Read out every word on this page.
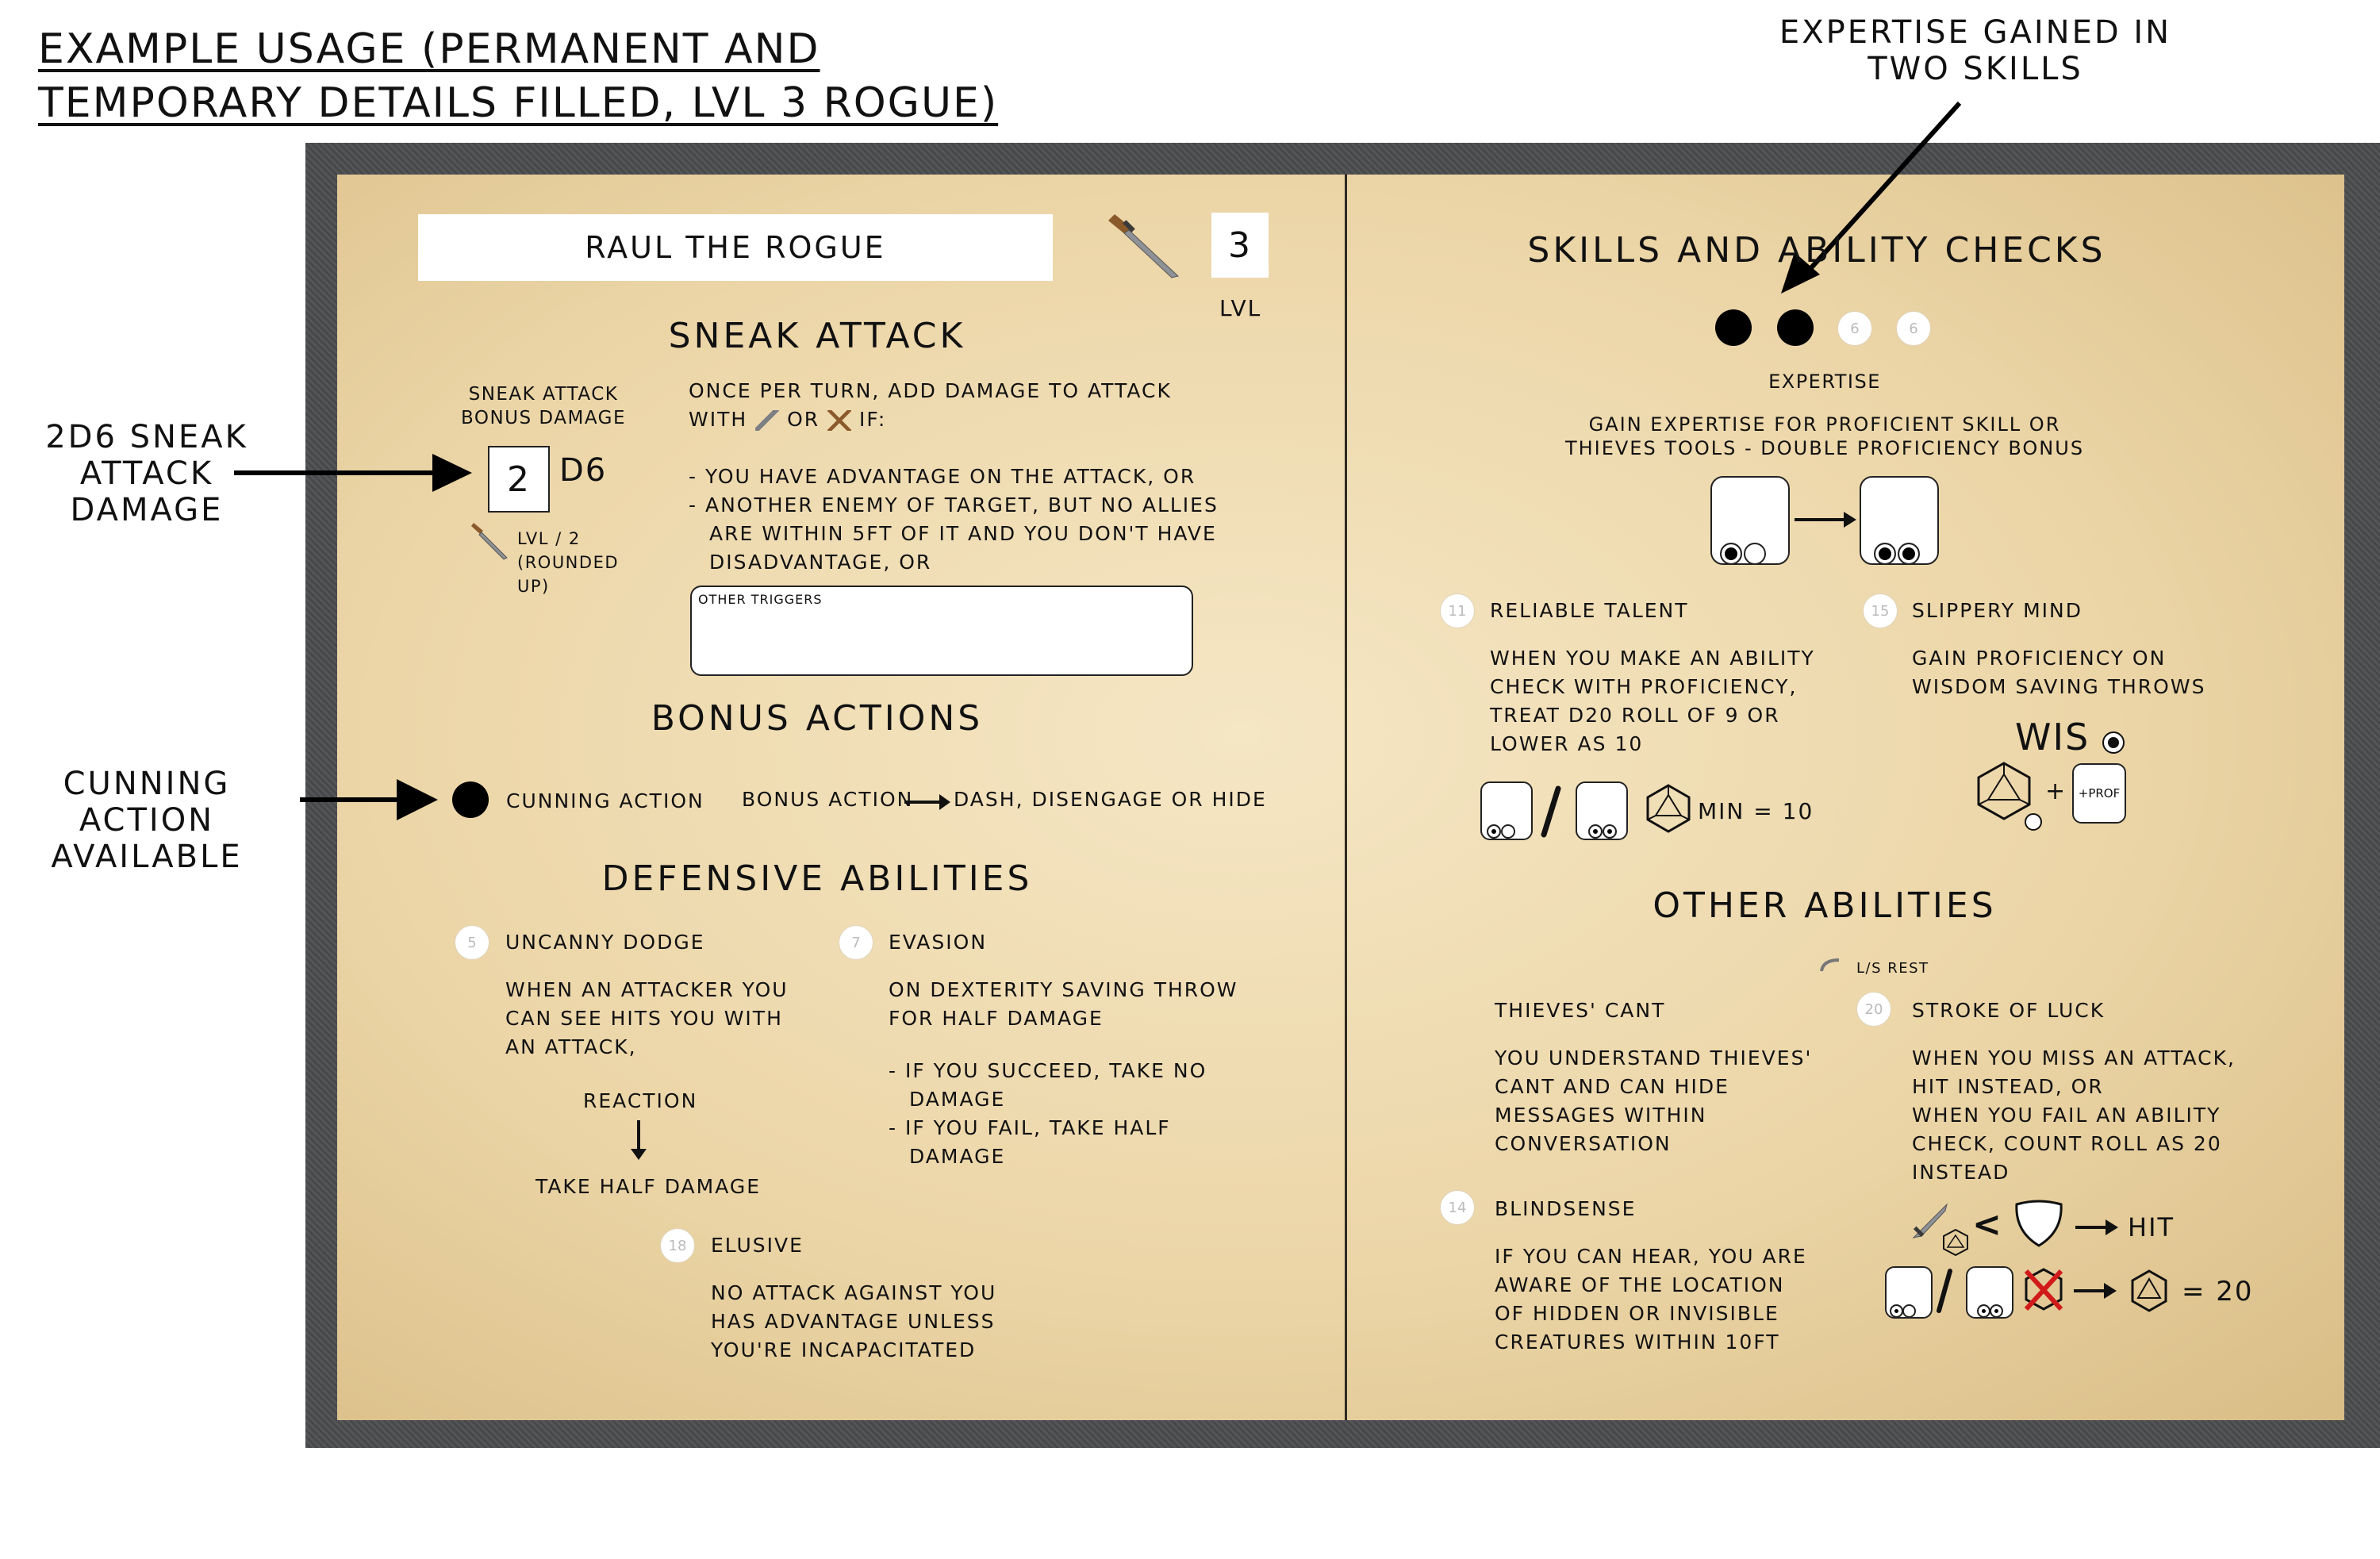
EXAMPLE USAGE (PERMANENT AND
TEMPORARY DETAILS FILLED, LVL 3 ROGUE)
EXPERTISE GAINED IN
TWO SKILLS
2D6 SNEAK
ATTACK
DAMAGE
CUNNING ACTION
AVAILABLE
RAUL THE ROGUE	3
LVL
SNEAK ATTACK
SNEAK ATTACK
BONUS DAMAGE
2 D6
LVL / 2
(ROUNDED
UP)
ONCE PER TURN, ADD DAMAGE TO ATTACK
WITH OR IF:
- YOU HAVE ADVANTAGE ON THE ATTACK, OR
- ANOTHER ENEMY OF TARGET, BUT NO ALLIES
ARE WITHIN 5FT OF IT AND YOU DON'T HAVE
DISADVANTAGE, OR
OTHER TRIGGERS
BONUS ACTIONS
CUNNING ACTION BONUS ACTION DASH, DISENGAGE OR HIDE
DEFENSIVE ABILITIES
5	UNCANNY DODGE
WHEN AN ATTACKER YOU
CAN SEE HITS YOU WITH
AN ATTACK,
REACTION
TAKE HALF DAMAGE
7	EVASION
ON DEXTERITY SAVING THROW
FOR HALF DAMAGE
- IF YOU SUCCEED, TAKE NO
DAMAGE
- IF YOU FAIL, TAKE HALF
DAMAGE
18	ELUSIVE
NO ATTACK AGAINST YOU
HAS ADVANTAGE UNLESS
YOU'RE INCAPACITATED
SKILLS AND ABILITY CHECKS
6	6
EXPERTISE
GAIN EXPERTISE FOR PROFICIENT SKILL OR
THIEVES TOOLS - DOUBLE PROFICIENCY BONUS
11	RELIABLE TALENT
WHEN YOU MAKE AN ABILITY
CHECK WITH PROFICIENCY,
TREAT D20 ROLL OF 9 OR
LOWER AS 10
MIN = 10
15	SLIPPERY MIND
GAIN PROFICIENCY ON
WISDOM SAVING THROWS
WIS
+ +PROF
OTHER ABILITIES
L/S REST
THIEVES' CANT
YOU UNDERSTAND THIEVES'
CANT AND CAN HIDE
MESSAGES WITHIN
CONVERSATION
20	STROKE OF LUCK
WHEN YOU MISS AN ATTACK,
HIT INSTEAD, OR
WHEN YOU FAIL AN ABILITY
CHECK, COUNT ROLL AS 20
INSTEAD
<	HIT
= 20
14	BLINDSENSE
IF YOU CAN HEAR, YOU ARE
AWARE OF THE LOCATION
OF HIDDEN OR INVISIBLE
CREATURES WITHIN 10FT
